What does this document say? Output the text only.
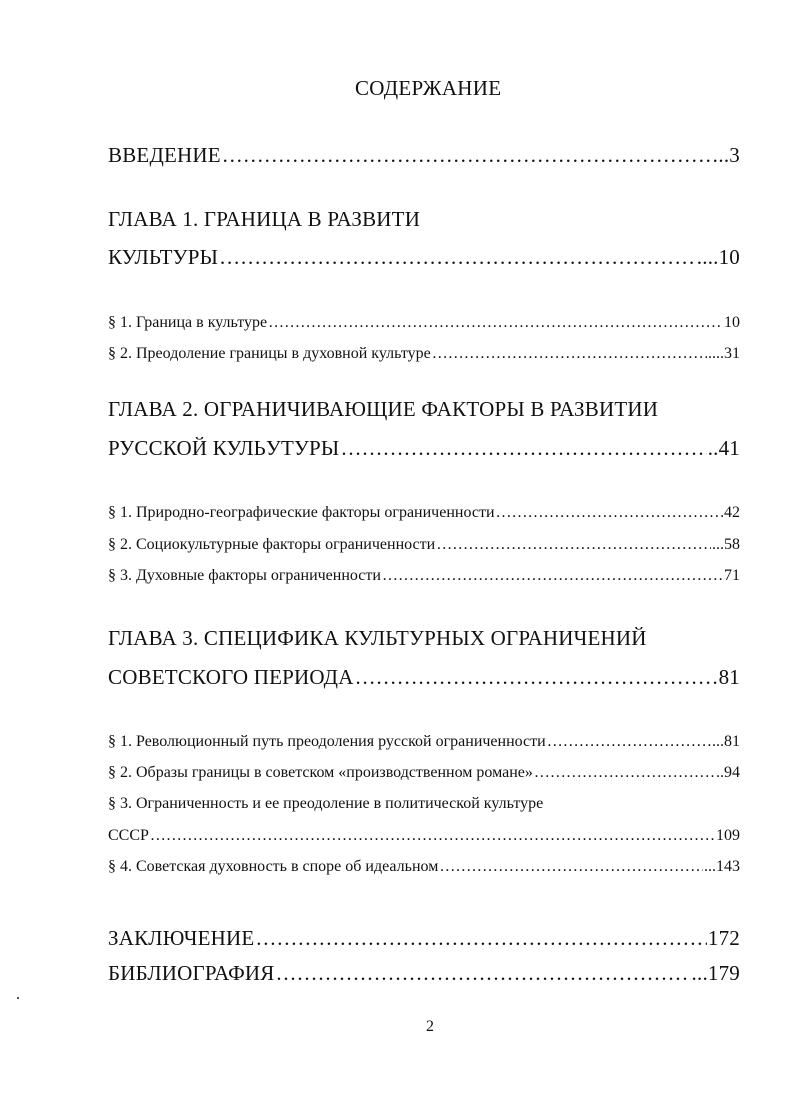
СОДЕРЖАНИЕ
ВВЕДЕНИЕ ……………………………………………………………………………………………………………………………………………………………………………………………………………………………………	..3
ГЛАВА 1. ГРАНИЦА В РАЗВИТИ
КУЛЬТУРЫ ……………………………………………………………………………………………………………………………………………………………………………………………………………………………………	....10
§ 1. Граница в культуре ……………………………………………………………………………………………………………………………………………………………………………………………………………………………………	10
§ 2. Преодоление границы в духовной культуре ……………………………………………………………………………………………………………………………………………………………………………………………………………………………………	....31
ГЛАВА 2. ОГРАНИЧИВАЮЩИЕ ФАКТОРЫ В РАЗВИТИИ
РУССКОЙ КУЛЬУТУРЫ ……………………………………………………………………………………………………………………………………………………………………………………………………………………………………	..41
§ 1. Природно-географические факторы ограниченности ……………………………………………………………………………………………………………………………………………………………………………………………………………………………………	42
§ 2. Социокультурные факторы ограниченности ……………………………………………………………………………………………………………………………………………………………………………………………………………………………………	...58
§ 3. Духовные факторы ограниченности ……………………………………………………………………………………………………………………………………………………………………………………………………………………………………	71
ГЛАВА 3. СПЕЦИФИКА КУЛЬТУРНЫХ ОГРАНИЧЕНИЙ
СОВЕТСКОГО ПЕРИОДА ……………………………………………………………………………………………………………………………………………………………………………………………………………………………………	81
§ 1. Революционный путь преодоления русской ограниченности ……………………………………………………………………………………………………………………………………………………………………………………………………………………………………	...81
§ 2. Образы границы в советском «производственном романе» ……………………………………………………………………………………………………………………………………………………………………………………………………………………………………	..94
§ 3. Ограниченность и ее преодоление в политической культуре
СССР ……………………………………………………………………………………………………………………………………………………………………………………………………………………………………	109
§ 4. Советская духовность в споре об идеальном ……………………………………………………………………………………………………………………………………………………………………………………………………………………………………	...143
ЗАКЛЮЧЕНИЕ ……………………………………………………………………………………………………………………………………………………………………………………………………………………………………	172
БИБЛИОГРАФИЯ ……………………………………………………………………………………………………………………………………………………………………………………………………………………………………	...179
2
